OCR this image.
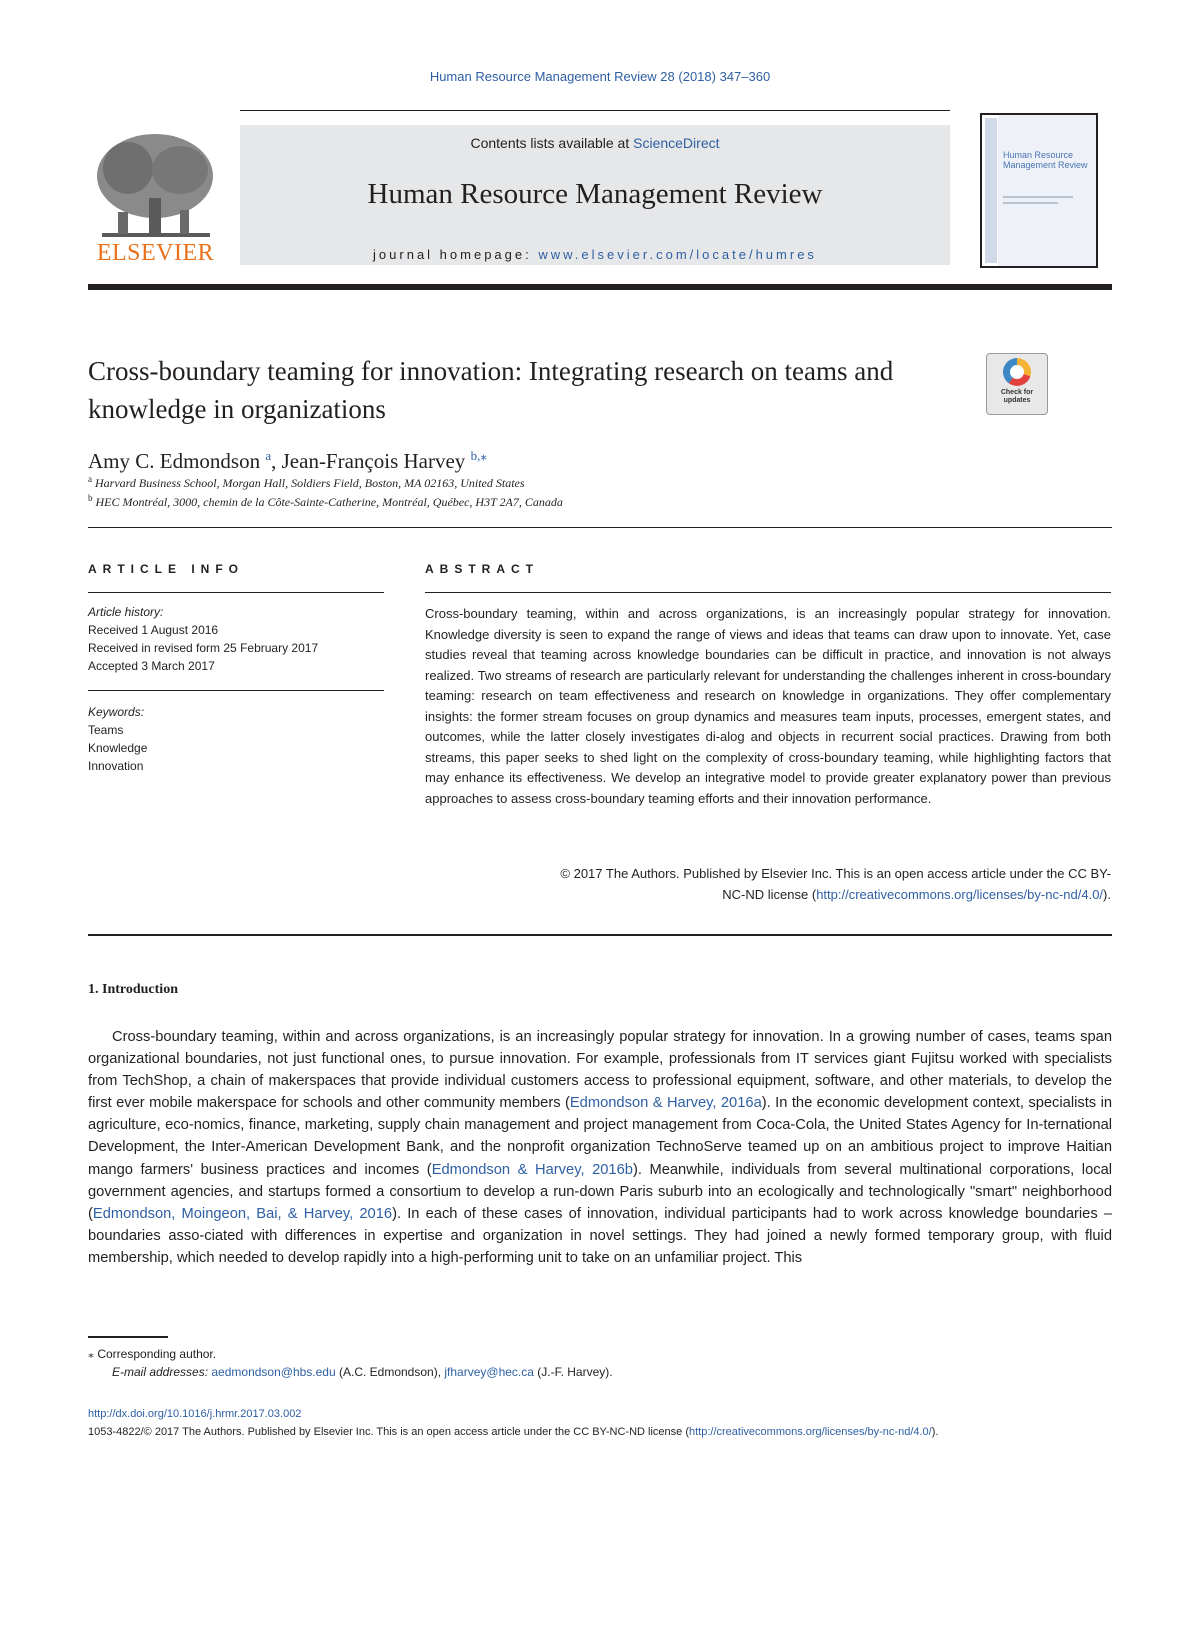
Human Resource Management Review 28 (2018) 347–360
ELSEVIER
Contents lists available at ScienceDirect
Human Resource Management Review
journal homepage: www.elsevier.com/locate/humres
Human Resource Management Review
Cross-boundary teaming for innovation: Integrating research on teams and knowledge in organizations
Check for updates
Amy C. Edmondson $^a$, Jean-François Harvey $^{b,⁎}$
$^a$ Harvard Business School, Morgan Hall, Soldiers Field, Boston, MA 02163, United States
$^b$ HEC Montréal, 3000, chemin de la Côte-Sainte-Catherine, Montréal, Québec, H3T 2A7, Canada
ARTICLE INFO	ABSTRACT
Article history:
Received 1 August 2016
Received in revised form 25 February 2017
Accepted 3 March 2017
Keywords:
Teams
Knowledge
Innovation
Cross-boundary teaming, within and across organizations, is an increasingly popular strategy for innovation. Knowledge diversity is seen to expand the range of views and ideas that teams can draw upon to innovate. Yet, case studies reveal that teaming across knowledge boundaries can be difficult in practice, and innovation is not always realized. Two streams of research are particularly relevant for understanding the challenges inherent in cross-boundary teaming: research on team effectiveness and research on knowledge in organizations. They offer complementary insights: the former stream focuses on group dynamics and measures team inputs, processes, emergent states, and outcomes, while the latter closely investigates di-alog and objects in recurrent social practices. Drawing from both streams, this paper seeks to shed light on the complexity of cross-boundary teaming, while highlighting factors that may enhance its effectiveness. We develop an integrative model to provide greater explanatory power than previous approaches to assess cross-boundary teaming efforts and their innovation performance.
© 2017 The Authors. Published by Elsevier Inc. This is an open access article under the CC BY-
NC-ND license (http://creativecommons.org/licenses/by-nc-nd/4.0/).
1. Introduction
Cross-boundary teaming, within and across organizations, is an increasingly popular strategy for innovation. In a growing number of cases, teams span organizational boundaries, not just functional ones, to pursue innovation. For example, professionals from IT services giant Fujitsu worked with specialists from TechShop, a chain of makerspaces that provide individual customers access to professional equipment, software, and other materials, to develop the first ever mobile makerspace for schools and other community members (Edmondson & Harvey, 2016a). In the economic development context, specialists in agriculture, eco-nomics, finance, marketing, supply chain management and project management from Coca-Cola, the United States Agency for In-ternational Development, the Inter-American Development Bank, and the nonprofit organization TechnoServe teamed up on an ambitious project to improve Haitian mango farmers' business practices and incomes (Edmondson & Harvey, 2016b). Meanwhile, individuals from several multinational corporations, local government agencies, and startups formed a consortium to develop a run-down Paris suburb into an ecologically and technologically "smart" neighborhood (Edmondson, Moingeon, Bai, & Harvey, 2016). In each of these cases of innovation, individual participants had to work across knowledge boundaries – boundaries asso-ciated with differences in expertise and organization in novel settings. They had joined a newly formed temporary group, with fluid membership, which needed to develop rapidly into a high-performing unit to take on an unfamiliar project. This
⁎ Corresponding author.
E-mail addresses: aedmondson@hbs.edu (A.C. Edmondson), jfharvey@hec.ca (J.-F. Harvey).
http://dx.doi.org/10.1016/j.hrmr.2017.03.002
1053-4822/© 2017 The Authors. Published by Elsevier Inc. This is an open access article under the CC BY-NC-ND license (http://creativecommons.org/licenses/by-nc-nd/4.0/).
